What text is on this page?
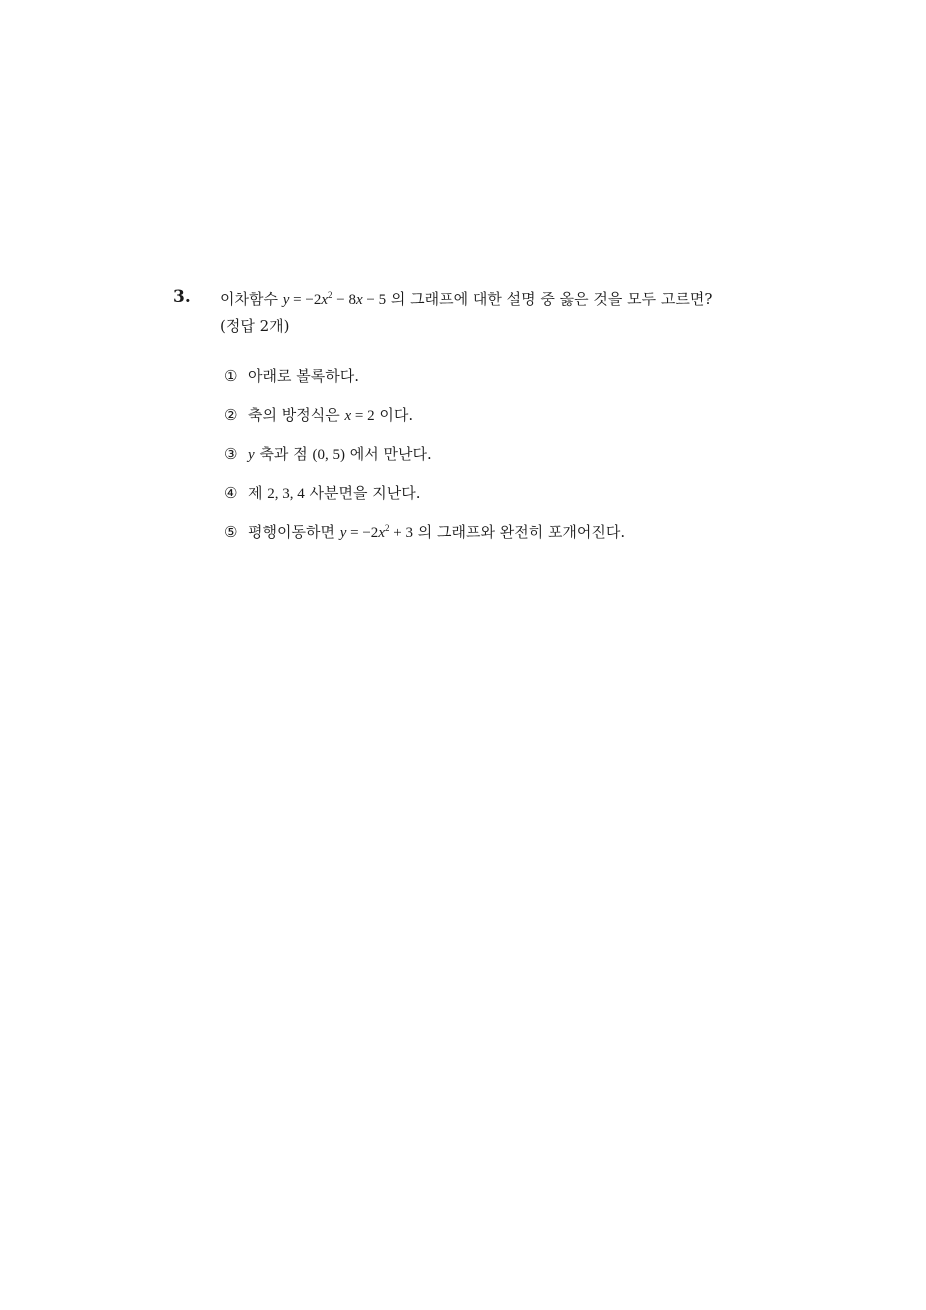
3. 이차함수 $y = -2x^2 - 8x - 5$ 의 그래프에 대한 설명 중 옳은 것을 모두 고르면?
(정답 2개)
① 아래로 볼록하다.
② 축의 방정식은 x = 2 이다.
③ y 축과 점 (0, 5) 에서 만난다.
④ 제 2, 3, 4 사분면을 지난다.
⑤ 평행이동하면 $y = -2x^2 + 3$ 의 그래프와 완전히 포개어진다.
